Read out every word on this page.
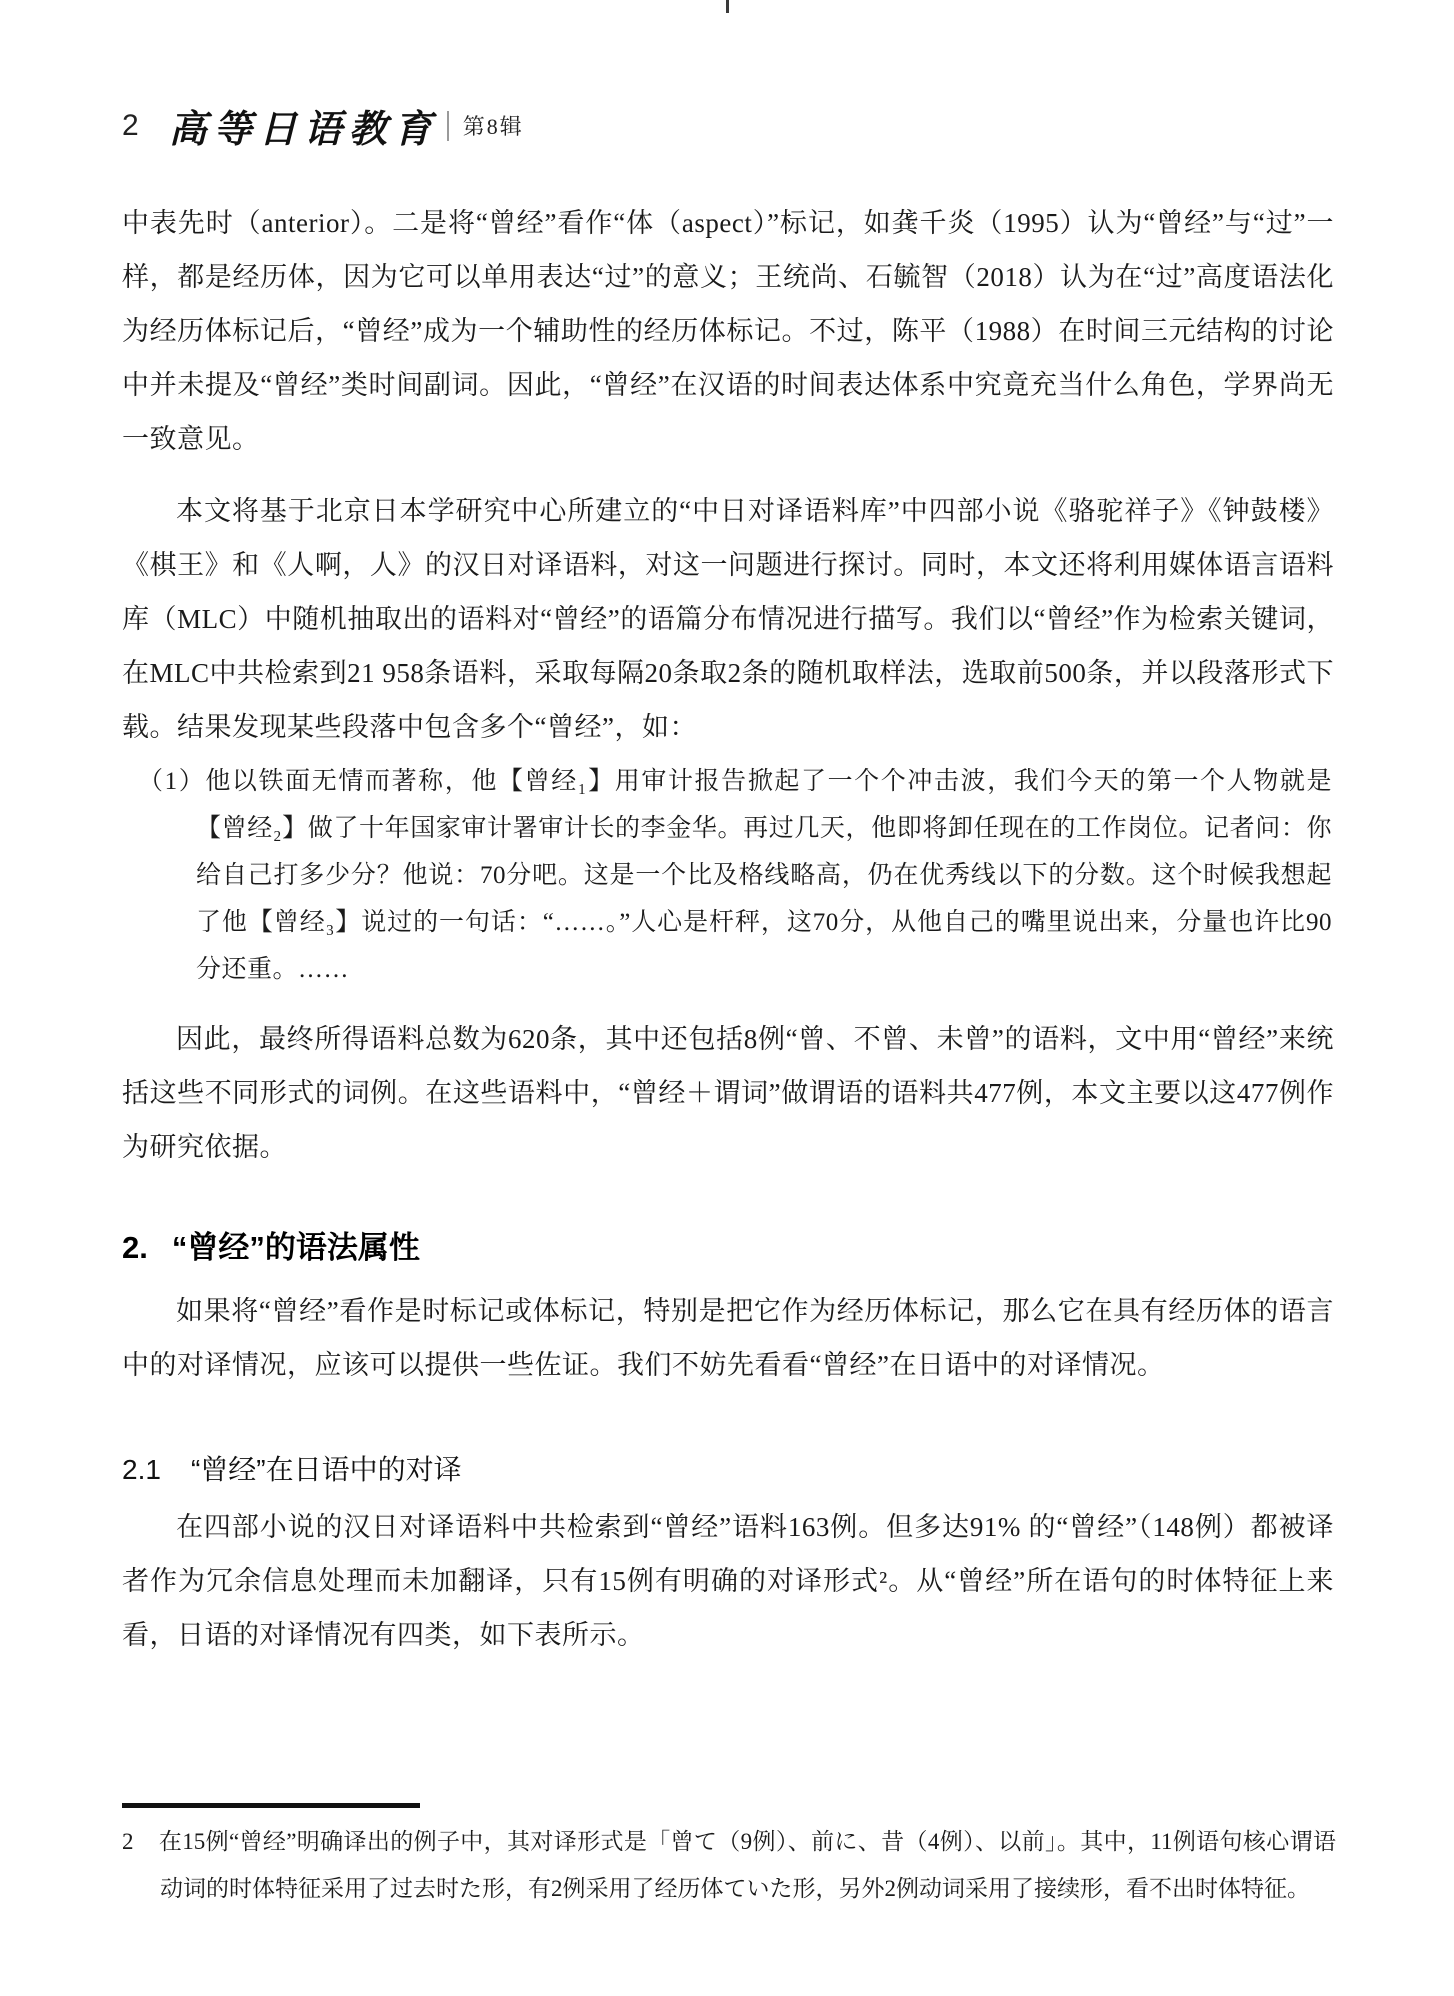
2 高等日语教育 第8辑

中表先时（anterior）。二是将“曾经”看作“体（aspect）”标记，如龚千炎（1995）认为“曾经”与“过”一样，都是经历体，因为它可以单用表达“过”的意义；王统尚、石毓智（2018）认为在“过”高度语法化为经历体标记后，“曾经”成为一个辅助性的经历体标记。不过，陈平（1988）在时间三元结构的讨论中并未提及“曾经”类时间副词。因此，“曾经”在汉语的时间表达体系中究竟充当什么角色，学界尚无一致意见。

本文将基于北京日本学研究中心所建立的“中日对译语料库”中四部小说《骆驼祥子》《钟鼓楼》《棋王》和《人啊，人》的汉日对译语料，对这一问题进行探讨。同时，本文还将利用媒体语言语料库（MLC）中随机抽取出的语料对“曾经”的语篇分布情况进行描写。我们以“曾经”作为检索关键词，在MLC中共检索到21 958条语料，采取每隔20条取2条的随机取样法，选取前500条，并以段落形式下载。结果发现某些段落中包含多个“曾经”，如：

（1）他以铁面无情而著称，他【曾经₁】用审计报告掀起了一个个冲击波，我们今天的第一个人物就是【曾经₂】做了十年国家审计署审计长的李金华。再过几天，他即将卸任现在的工作岗位。记者问：你给自己打多少分？他说：70分吧。这是一个比及格线略高，仍在优秀线以下的分数。这个时候我想起了他【曾经₃】说过的一句话：“……。”人心是杆秤，这70分，从他自己的嘴里说出来，分量也许比90分还重。……

因此，最终所得语料总数为620条，其中还包括8例“曾、不曾、未曾”的语料，文中用“曾经”来统括这些不同形式的词例。在这些语料中，“曾经＋谓词”做谓语的语料共477例，本文主要以这477例作为研究依据。

2. “曾经”的语法属性

如果将“曾经”看作是时标记或体标记，特别是把它作为经历体标记，那么它在具有经历体的语言中的对译情况，应该可以提供一些佐证。我们不妨先看看“曾经”在日语中的对译情况。

2.1 “曾经”在日语中的对译

在四部小说的汉日对译语料中共检索到“曾经”语料163例。但多达91% 的“曾经”（148例）都被译者作为冗余信息处理而未加翻译，只有15例有明确的对译形式²。从“曾经”所在语句的时体特征上来看，日语的对译情况有四类，如下表所示。

2 在15例“曾经”明确译出的例子中，其对译形式是「曾て（9例）、前に、昔（4例）、以前」。其中，11例语句核心谓语动词的时体特征采用了过去时た形，有2例采用了经历体ていた形，另外2例动词采用了接续形，看不出时体特征。
